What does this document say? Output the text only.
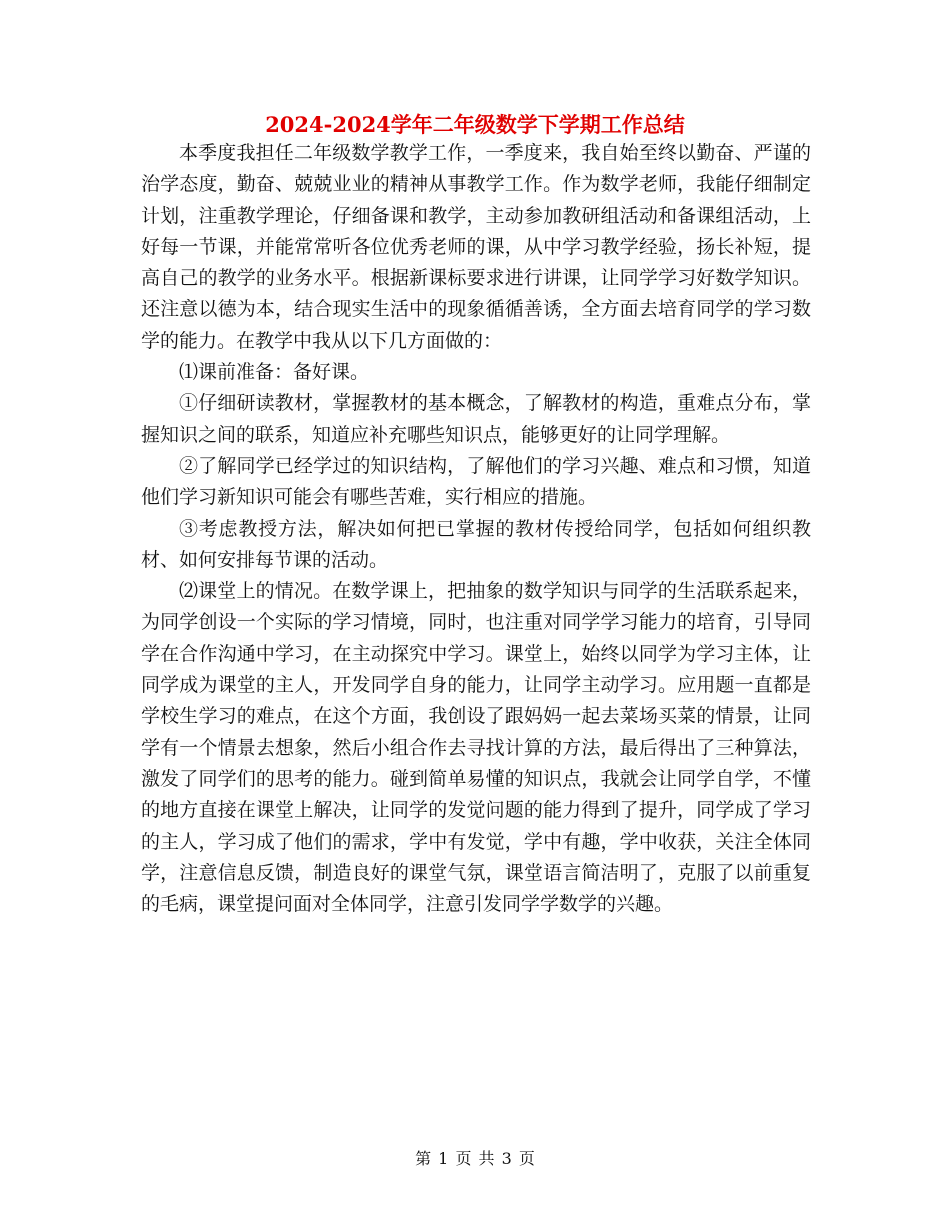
2024-2024学年二年级数学下学期工作总结

本季度我担任二年级数学教学工作，一季度来，我自始至终以勤奋、严谨的治学态度，勤奋、兢兢业业的精神从事教学工作。作为数学老师，我能仔细制定计划，注重教学理论，仔细备课和教学，主动参加教研组活动和备课组活动，上好每一节课，并能常常听各位优秀老师的课，从中学习教学经验，扬长补短，提高自己的教学的业务水平。根据新课标要求进行讲课，让同学学习好数学知识。还注意以德为本，结合现实生活中的现象循循善诱，全方面去培育同学的学习数学的能力。在教学中我从以下几方面做的：

⑴课前准备：备好课。

①仔细研读教材，掌握教材的基本概念，了解教材的构造，重难点分布，掌握知识之间的联系，知道应补充哪些知识点，能够更好的让同学理解。

②了解同学已经学过的知识结构，了解他们的学习兴趣、难点和习惯，知道他们学习新知识可能会有哪些苦难，实行相应的措施。

③考虑教授方法，解决如何把已掌握的教材传授给同学，包括如何组织教材、如何安排每节课的活动。

⑵课堂上的情况。在数学课上，把抽象的数学知识与同学的生活联系起来，为同学创设一个实际的学习情境，同时，也注重对同学学习能力的培育，引导同学在合作沟通中学习，在主动探究中学习。课堂上，始终以同学为学习主体，让同学成为课堂的主人，开发同学自身的能力，让同学主动学习。应用题一直都是学校生学习的难点，在这个方面，我创设了跟妈妈一起去菜场买菜的情景，让同学有一个情景去想象，然后小组合作去寻找计算的方法，最后得出了三种算法，激发了同学们的思考的能力。碰到简单易懂的知识点，我就会让同学自学，不懂的地方直接在课堂上解决，让同学的发觉问题的能力得到了提升，同学成了学习的主人，学习成了他们的需求，学中有发觉，学中有趣，学中收获，关注全体同学，注意信息反馈，制造良好的课堂气氛，课堂语言简洁明了，克服了以前重复的毛病，课堂提问面对全体同学，注意引发同学学数学的兴趣。

第 1 页 共 3 页
